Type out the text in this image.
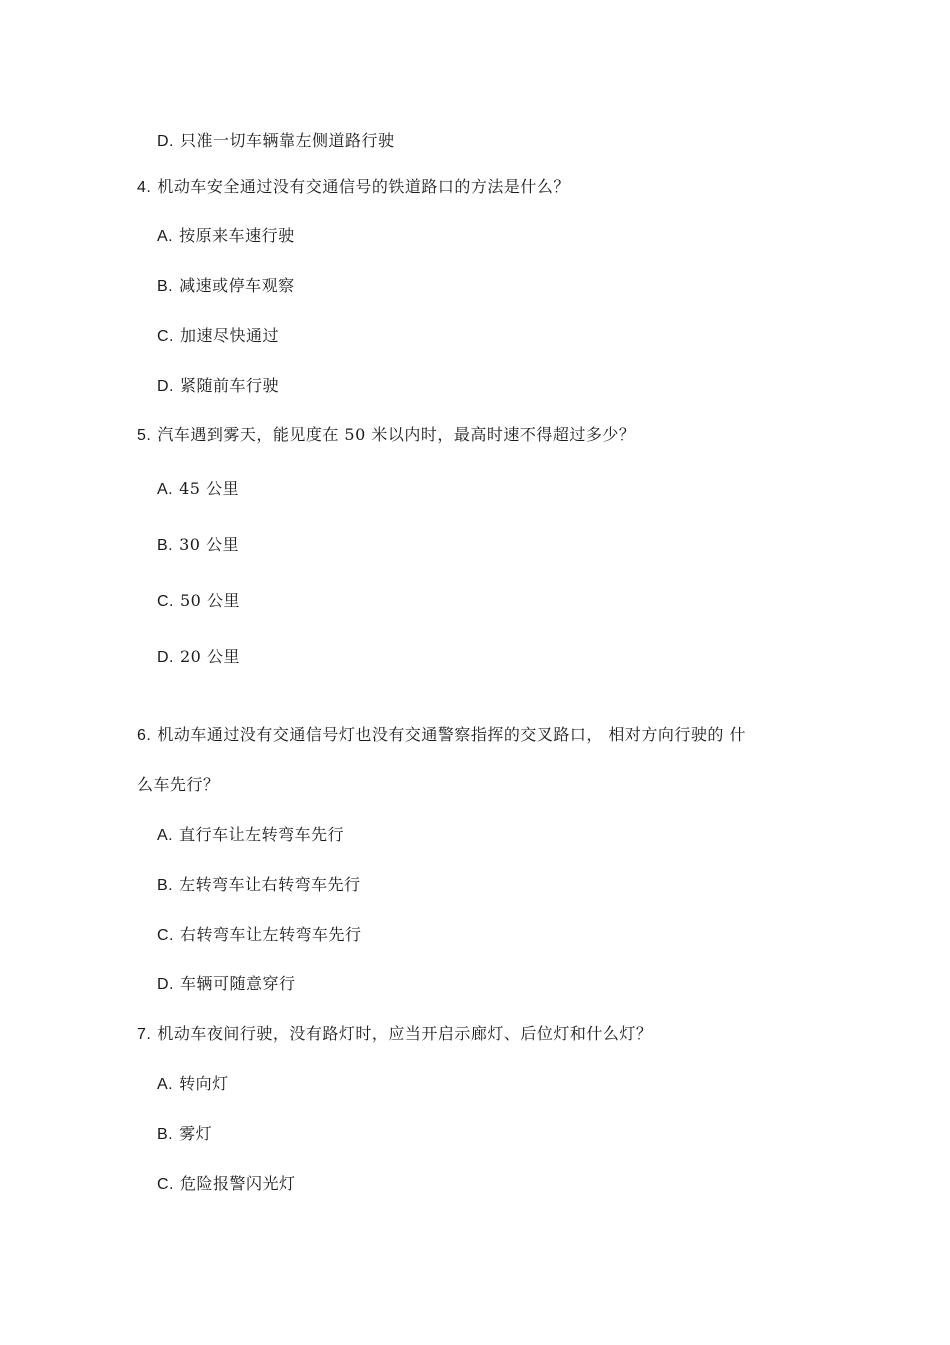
D. 只准一切车辆靠左侧道路行驶
4. 机动车安全通过没有交通信号的铁道路口的方法是什么？
A. 按原来车速行驶
B. 减速或停车观察
C. 加速尽快通过
D. 紧随前车行驶
5. 汽车遇到雾天，能见度在 50 米以内时，最高时速不得超过多少？
A. 45 公里
B. 30 公里
C. 50 公里
D. 20 公里
6. 机动车通过没有交通信号灯也没有交通警察指挥的交叉路口， 相对方向行驶的 什
么车先行？
A. 直行车让左转弯车先行
B. 左转弯车让右转弯车先行
C. 右转弯车让左转弯车先行
D. 车辆可随意穿行
7. 机动车夜间行驶，没有路灯时，应当开启示廊灯、后位灯和什么灯？
A. 转向灯
B. 雾灯
C. 危险报警闪光灯
